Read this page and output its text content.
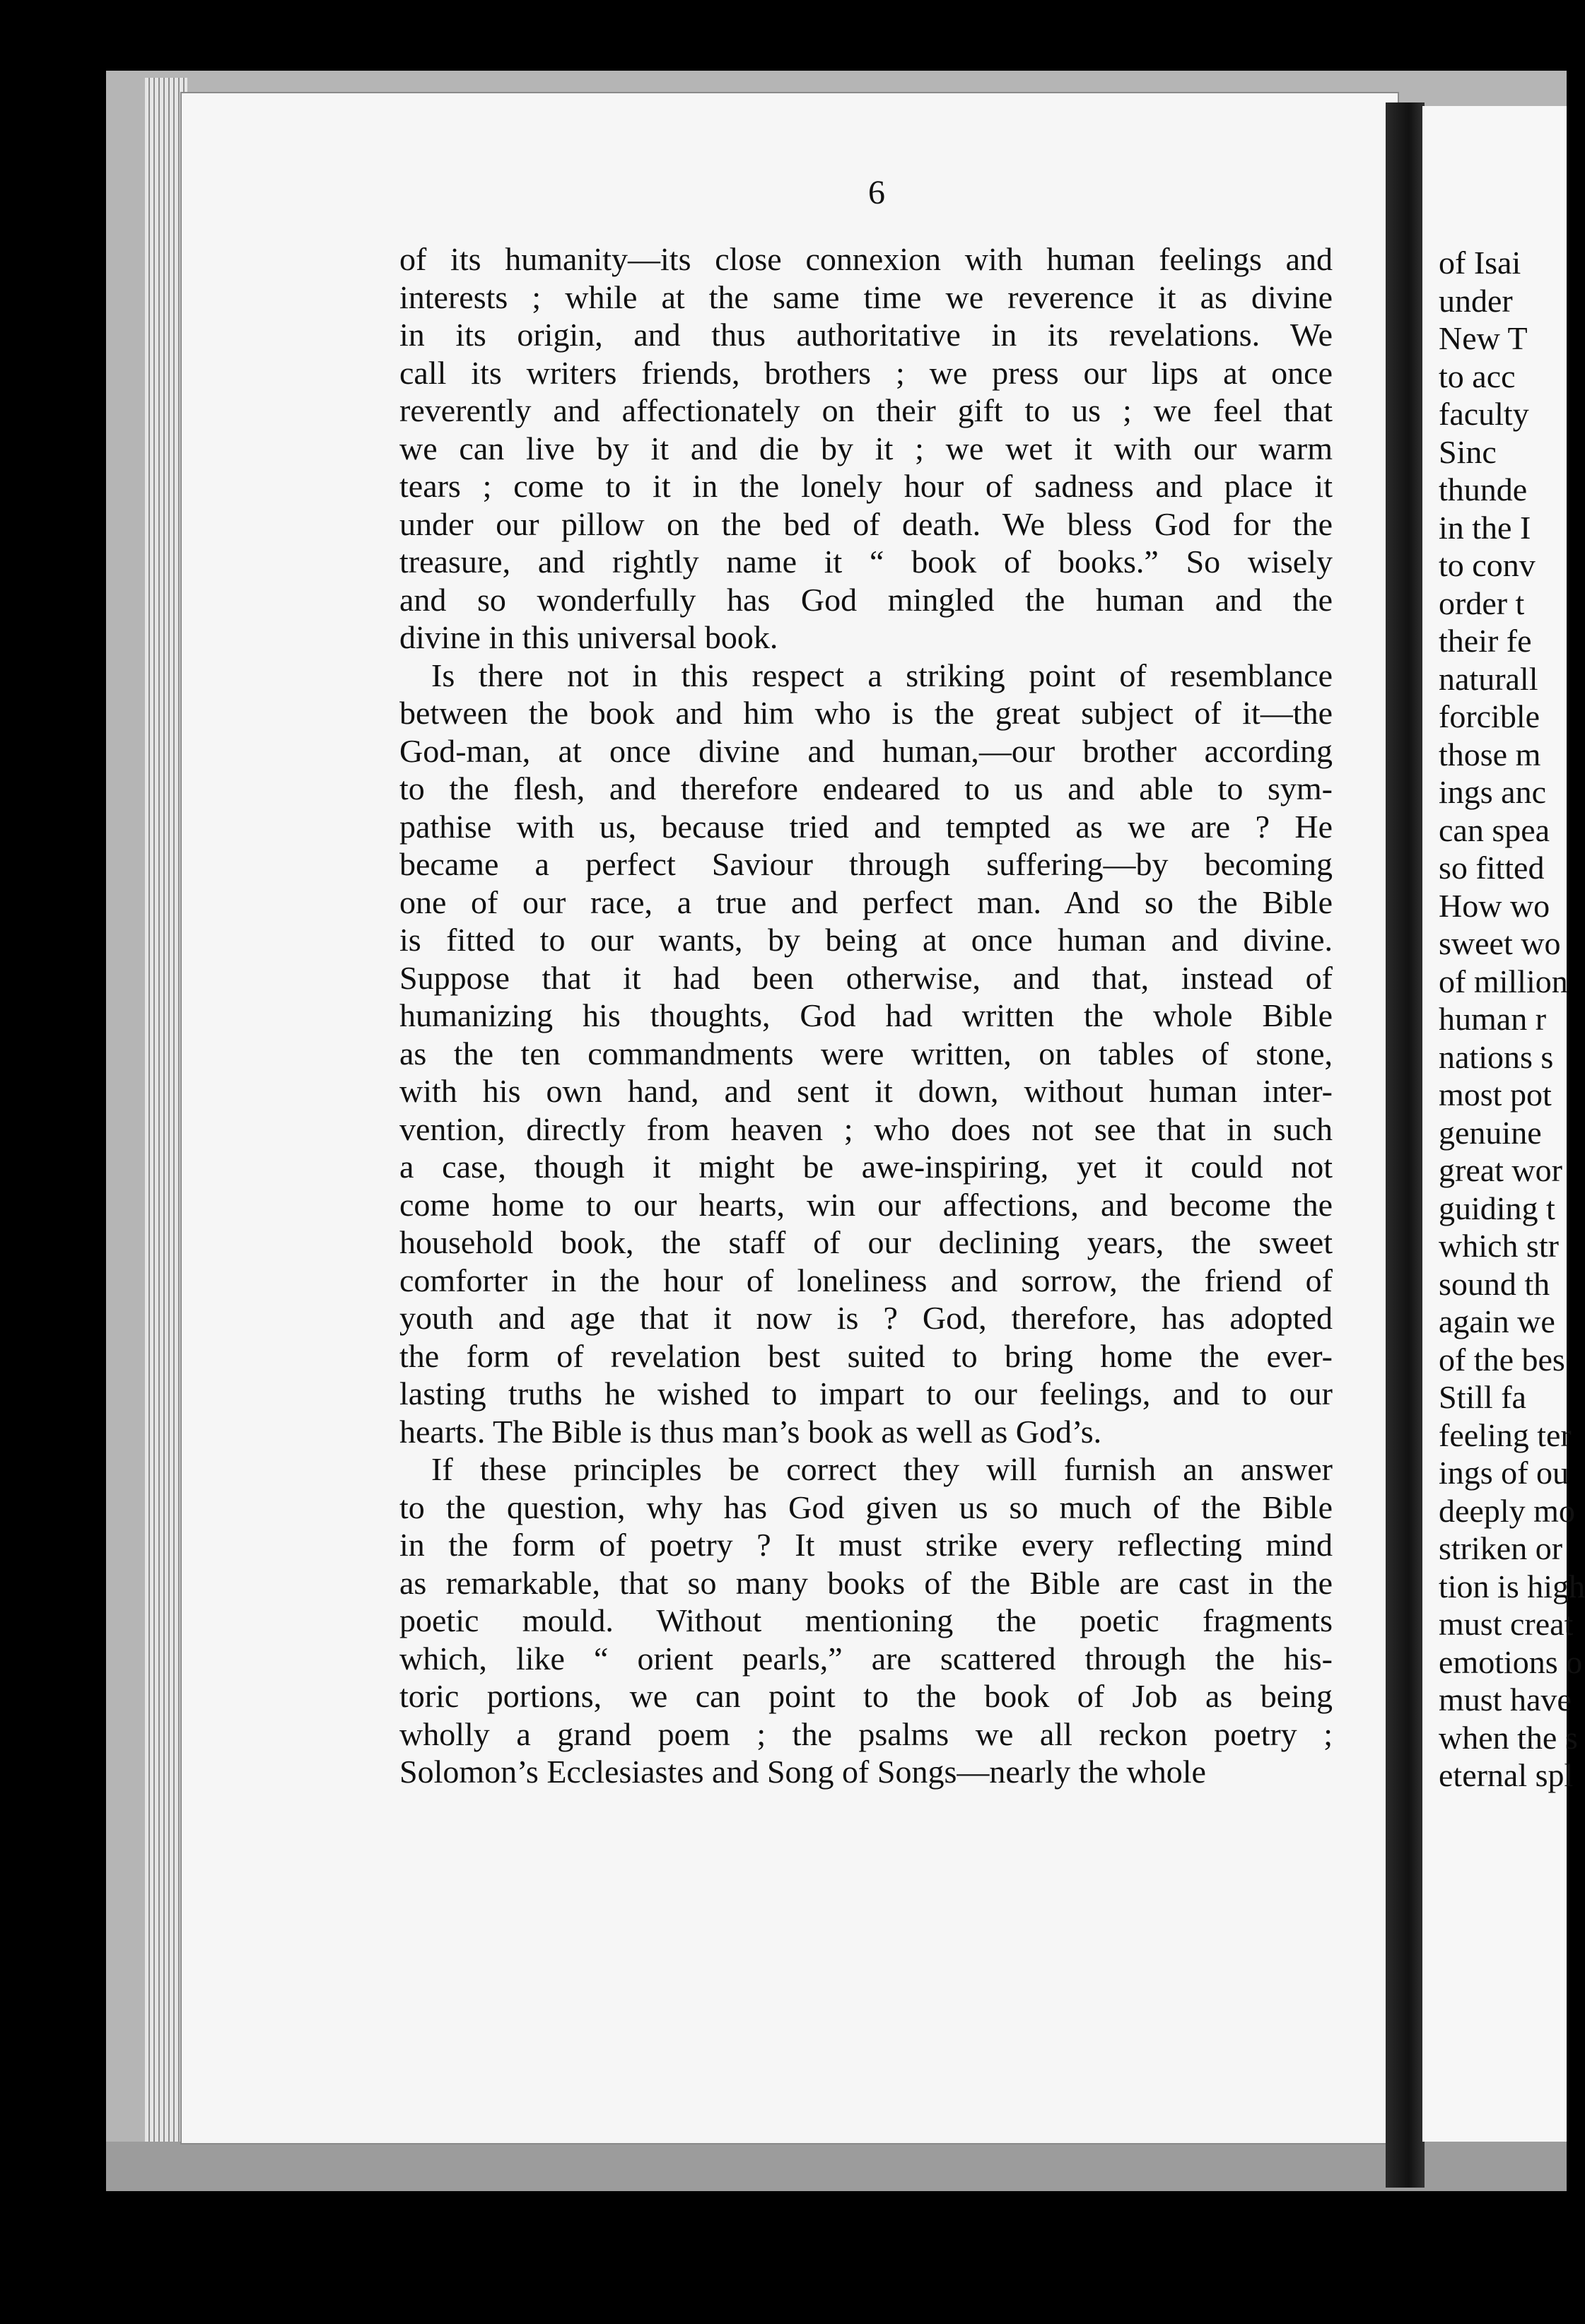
6
of its humanity—its close connexion with human feelings and
interests ; while at the same time we reverence it as divine
in its origin, and thus authoritative in its revelations. We
call its writers friends, brothers ; we press our lips at once
reverently and affectionately on their gift to us ; we feel that
we can live by it and die by it ; we wet it with our warm
tears ; come to it in the lonely hour of sadness and place it
under our pillow on the bed of death. We bless God for the
treasure, and rightly name it “ book of books.” So wisely
and so wonderfully has God mingled the human and the
divine in this universal book.
Is there not in this respect a striking point of resemblance
between the book and him who is the great subject of it—the
God-man, at once divine and human,—our brother according
to the flesh, and therefore endeared to us and able to sym-
pathise with us, because tried and tempted as we are ? He
became a perfect Saviour through suffering—by becoming
one of our race, a true and perfect man. And so the Bible
is fitted to our wants, by being at once human and divine.
Suppose that it had been otherwise, and that, instead of
humanizing his thoughts, God had written the whole Bible
as the ten commandments were written, on tables of stone,
with his own hand, and sent it down, without human inter-
vention, directly from heaven ; who does not see that in such
a case, though it might be awe-inspiring, yet it could not
come home to our hearts, win our affections, and become the
household book, the staff of our declining years, the sweet
comforter in the hour of loneliness and sorrow, the friend of
youth and age that it now is ? God, therefore, has adopted
the form of revelation best suited to bring home the ever-
lasting truths he wished to impart to our feelings, and to our
hearts. The Bible is thus man’s book as well as God’s.
If these principles be correct they will furnish an answer
to the question, why has God given us so much of the Bible
in the form of poetry ? It must strike every reflecting mind
as remarkable, that so many books of the Bible are cast in the
poetic mould. Without mentioning the poetic fragments
which, like “ orient pearls,” are scattered through the his-
toric portions, we can point to the book of Job as being
wholly a grand poem ; the psalms we all reckon poetry ;
Solomon’s Ecclesiastes and Song of Songs—nearly the whole
of Isai
under
New T
to acc
faculty
Sinc
thunde
in the I
to conv
order t
their fe
naturall
forcible
those m
ings anc
can spea
so fitted
How wo
sweet wo
of million
human r
nations s
most pot
genuine
great wor
guiding t
which str
sound th
again we
of the bes
Still fa
feeling ter
ings of ou
deeply mo
striken or
tion is high
must creat
emotions o
must have
when the s
eternal spl
